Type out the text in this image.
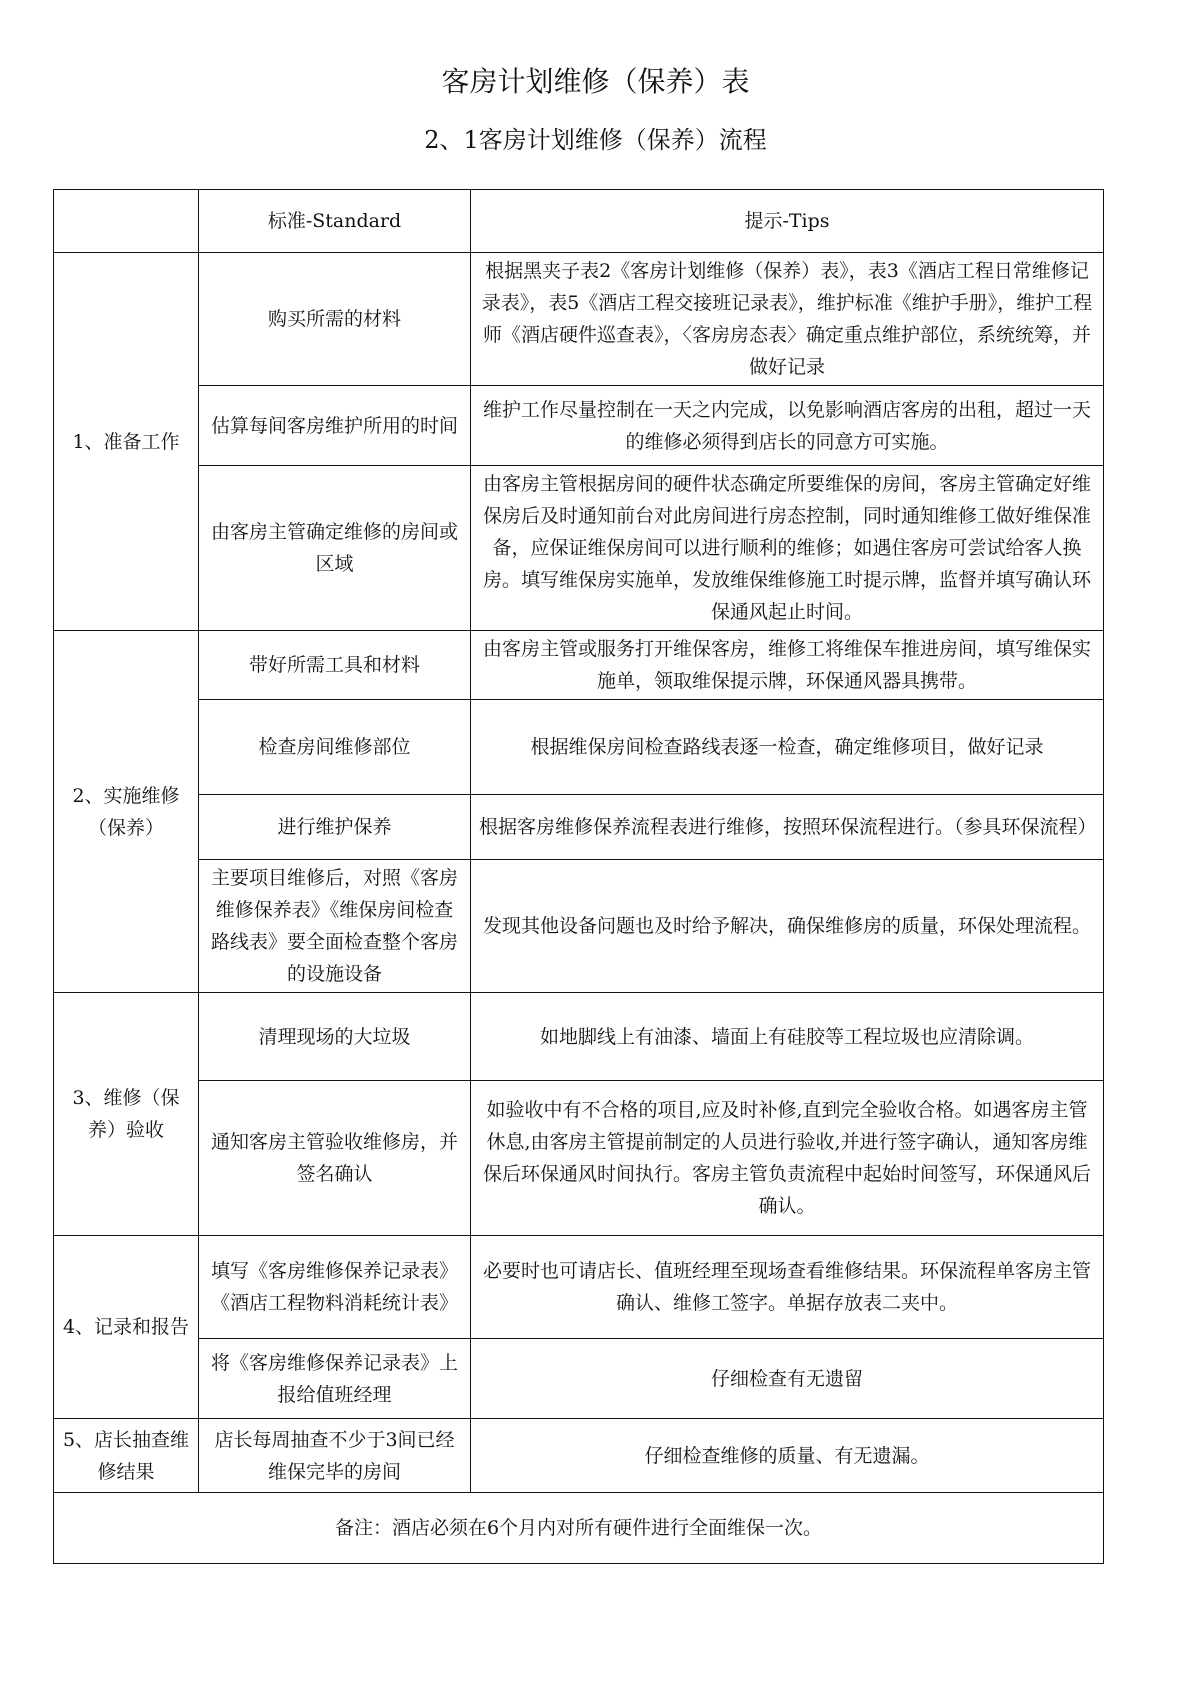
客房计划维修（保养）表
2、1客房计划维修（保养）流程
	标准-Standard	提示-Tips
1、准备工作	购买所需的材料	根据黑夹子表2《客房计划维修（保养）表》，表3《酒店工程日常维修记录表》，表5《酒店工程交接班记录表》，维护标准《维护手册》，维护工程师《酒店硬件巡查表》，〈客房房态表〉确定重点维护部位，系统统筹，并做好记录
	估算每间客房维护所用的时间	维护工作尽量控制在一天之内完成，以免影响酒店客房的出租，超过一天的维修必须得到店长的同意方可实施。
	由客房主管确定维修的房间或区域	由客房主管根据房间的硬件状态确定所要维保的房间，客房主管确定好维保房后及时通知前台对此房间进行房态控制，同时通知维修工做好维保准备，应保证维保房间可以进行顺利的维修；如遇住客房可尝试给客人换房。填写维保房实施单，发放维保维修施工时提示牌，监督并填写确认环保通风起止时间。
2、实施维修（保养）	带好所需工具和材料	由客房主管或服务打开维保客房，维修工将维保车推进房间，填写维保实施单，领取维保提示牌，环保通风器具携带。
	检查房间维修部位	根据维保房间检查路线表逐一检查，确定维修项目，做好记录
	进行维护保养	根据客房维修保养流程表进行维修，按照环保流程进行。（参具环保流程）
	主要项目维修后，对照《客房维修保养表》《维保房间检查路线表》要全面检查整个客房的设施设备	发现其他设备问题也及时给予解决，确保维修房的质量，环保处理流程。
3、维修（保养）验收	清理现场的大垃圾	如地脚线上有油漆、墙面上有硅胶等工程垃圾也应清除调。
	通知客房主管验收维修房，并签名确认	如验收中有不合格的项目,应及时补修,直到完全验收合格。如遇客房主管休息,由客房主管提前制定的人员进行验收,并进行签字确认，通知客房维保后环保通风时间执行。客房主管负责流程中起始时间签写，环保通风后确认。
4、记录和报告	填写《客房维修保养记录表》《酒店工程物料消耗统计表》	必要时也可请店长、值班经理至现场查看维修结果。环保流程单客房主管确认、维修工签字。单据存放表二夹中。
	将《客房维修保养记录表》上报给值班经理	仔细检查有无遗留
5、店长抽查维修结果	店长每周抽查不少于3间已经维保完毕的房间	仔细检查维修的质量、有无遗漏。
备注：酒店必须在6个月内对所有硬件进行全面维保一次。		
